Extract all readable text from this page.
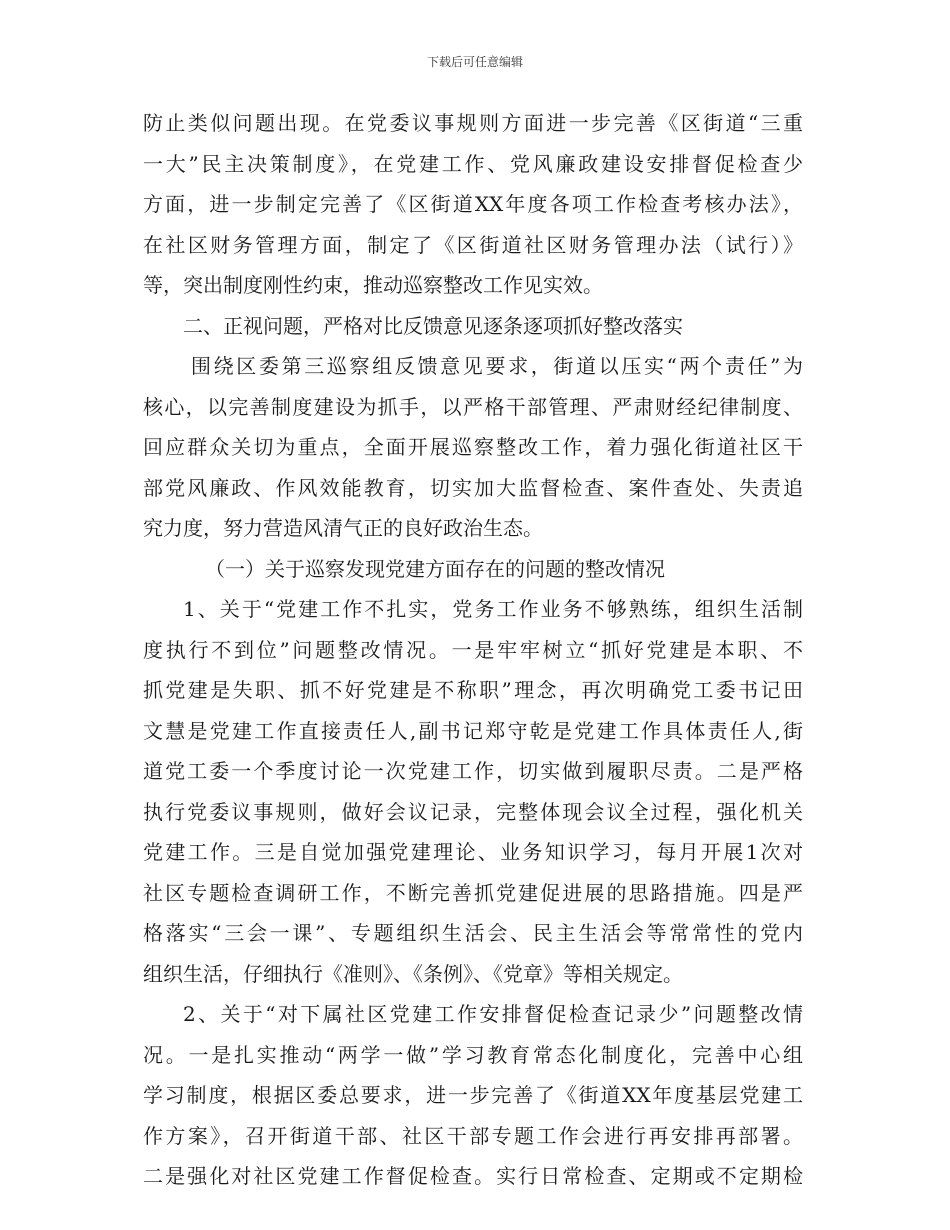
下载后可任意编辑
防止类似问题出现。在党委议事规则方面进一步完善《区街道“三重
一大”民主决策制度》，在党建工作、党风廉政建设安排督促检查少
方面，进一步制定完善了《区街道XX年度各项工作检查考核办法》，
在社区财务管理方面，制定了《区街道社区财务管理办法（试行）》
等，突出制度刚性约束，推动巡察整改工作见实效。
二、正视问题，严格对比反馈意见逐条逐项抓好整改落实
围绕区委第三巡察组反馈意见要求，街道以压实“两个责任”为
核心，以完善制度建设为抓手，以严格干部管理、严肃财经纪律制度、
回应群众关切为重点，全面开展巡察整改工作，着力强化街道社区干
部党风廉政、作风效能教育，切实加大监督检查、案件查处、失责追
究力度，努力营造风清气正的良好政治生态。
（一）关于巡察发现党建方面存在的问题的整改情况
1、关于“党建工作不扎实，党务工作业务不够熟练，组织生活制
度执行不到位”问题整改情况。一是牢牢树立“抓好党建是本职、不
抓党建是失职、抓不好党建是不称职”理念，再次明确党工委书记田
文慧是党建工作直接责任人,副书记郑守乾是党建工作具体责任人,街
道党工委一个季度讨论一次党建工作，切实做到履职尽责。二是严格
执行党委议事规则，做好会议记录，完整体现会议全过程，强化机关
党建工作。三是自觉加强党建理论、业务知识学习，每月开展1次对
社区专题检查调研工作，不断完善抓党建促进展的思路措施。四是严
格落实“三会一课”、专题组织生活会、民主生活会等常常性的党内
组织生活，仔细执行《准则》、《条例》、《党章》等相关规定。
2、关于“对下属社区党建工作安排督促检查记录少”问题整改情
况。一是扎实推动“两学一做”学习教育常态化制度化，完善中心组
学习制度，根据区委总要求，进一步完善了《街道XX年度基层党建工
作方案》，召开街道干部、社区干部专题工作会进行再安排再部署。
二是强化对社区党建工作督促检查。实行日常检查、定期或不定期检
